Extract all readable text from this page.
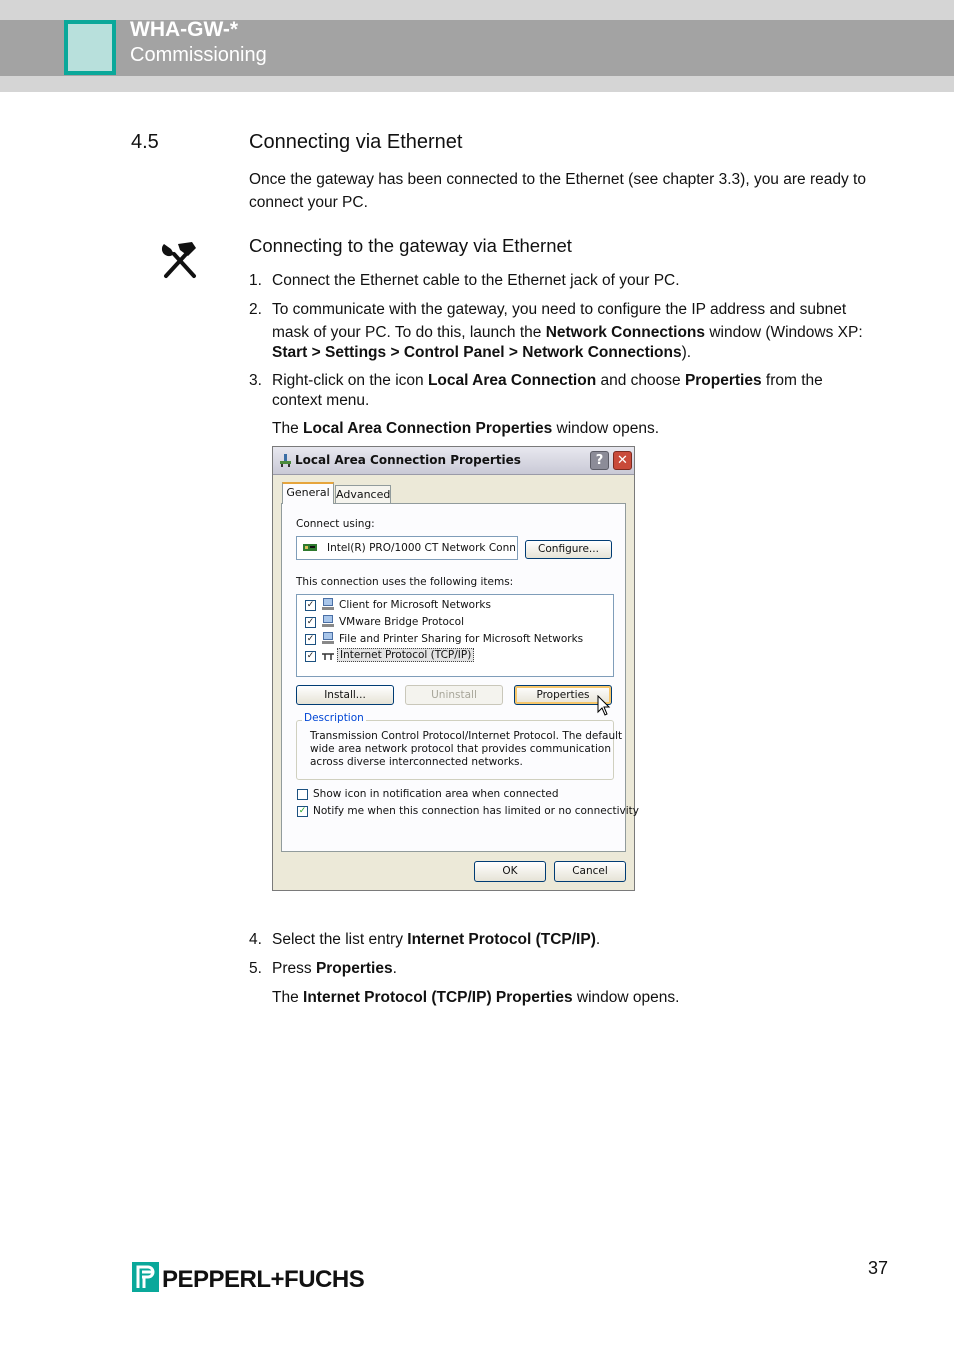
WHA-GW-*
Commissioning
4.5	Connecting via Ethernet
Once the gateway has been connected to the Ethernet (see chapter 3.3), you are ready to
connect your PC.
Connecting to the gateway via Ethernet
1. Connect the Ethernet cable to the Ethernet jack of your PC.
2. To communicate with the gateway, you need to configure the IP address and subnet
mask of your PC. To do this, launch the Network Connections window (Windows XP:
Start > Settings > Control Panel > Network Connections).
3. Right-click on the icon Local Area Connection and choose Properties from the
context menu.
The Local Area Connection Properties window opens.
Local Area Connection Properties	?	✕
General Advanced
Connect using:
Intel(R) PRO/1000 CT Network Conn	Configure...
This connection uses the following items:
✓ Client for Microsoft Networks
✓ VMware Bridge Protocol
✓ File and Printer Sharing for Microsoft Networks
✓ Internet Protocol (TCP/IP)
Install...	Uninstall	Properties
Description
Transmission Control Protocol/Internet Protocol. The default
wide area network protocol that provides communication
across diverse interconnected networks.
Show icon in notification area when connected
✓ Notify me when this connection has limited or no connectivity
OK	Cancel
4. Select the list entry Internet Protocol (TCP/IP).
5. Press Properties.
The Internet Protocol (TCP/IP) Properties window opens.
PEPPERL+FUCHS	37
